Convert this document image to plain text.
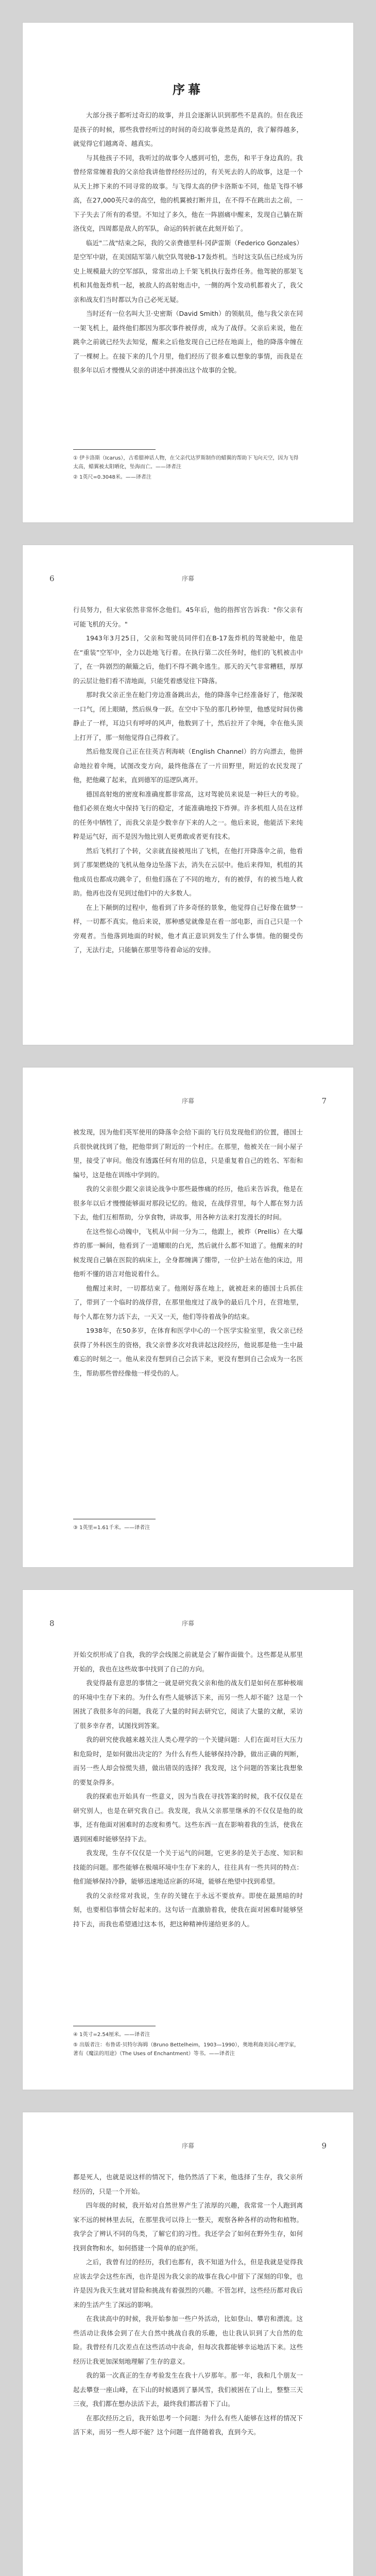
序幕

大部分孩子都听过奇幻的故事，并且会逐渐认识到那些不是真的。但在我还是孩子的时候，那些我曾经听过的时间的奇幻故事竟然是真的，我了解得越多，就觉得它们越离奇、越真实。

与其他孩子不同，我听过的故事令人感到可怕，悲伤，和平于身边真的。我曾经常常缠着我的父亲给我讲他曾经经历过的，有关死去的人的故事，这是一个从天上摔下来的不同寻常的故事。与飞得太高的伊卡洛斯①不同，他是飞得不够高，在27,000英尺②的高空，他的机翼被打断并且，在不得不在跳出去之前，一下子失去了所有的希望。不知过了多久，他在一阵剧痛中醒来，发现自己躺在斯洛伐克，四周都是敌人的军队，命运的转折就在此刻开始了。

临近"二战"结束之际，我的父亲费德里科·冈萨雷斯（Federico Gonzales）是空军中尉，在美国陆军第八航空队驾驶B-17轰炸机。当时这支队伍已经成为历史上规模最大的空军部队，常常出动上千架飞机执行轰炸任务。他驾驶的那架飞机和其他轰炸机一起，被敌人的高射炮击中，一侧的两个发动机都着火了，我父亲和战友们当时都以为自己必死无疑。

当时还有一位名叫大卫·史密斯（David Smith）的领航员，他与我父亲在同一架飞机上，最终他们都因为那次事件被俘虏，成为了战俘。父亲后来说，他在跳伞之前就已经失去知觉，醒来之后他发现自己已经在地面上，他的降落伞缠在了一棵树上。在接下来的几个月里，他们经历了很多难以想象的事情，而我是在很多年以后才慢慢从父亲的讲述中拼凑出这个故事的全貌。

① 伊卡洛斯（Icarus），古希腊神话人物，在父亲代达罗斯制作的蜡翼的帮助下飞向天空，因为飞得太高，蜡翼被太阳晒化，坠海而亡。——译者注

② 1英尺=0.3048米。——译者注

6	序幕

行员努力，但大家依然非常怀念他们。45年后，他的指挥官告诉我："你父亲有可能飞机的天分。"

1943年3月25日，父亲和驾驶员同伴们在B-17轰炸机的驾驶舱中，他是在“重装”空军中，全力以赴地飞行着。在执行第二次任务时，他们的飞机被击中了，在一阵剧烈的颠簸之后，他们不得不跳伞逃生。那天的天气非常糟糕，厚厚的云层让他们看不清地面，只能凭着感觉往下降落。

那时我父亲正坐在舱门旁边准备跳出去，他的降落伞已经准备好了，他深吸一口气，闭上眼睛，然后纵身一跃。在空中下坠的那几秒钟里，他感觉时间仿佛静止了一样，耳边只有呼呼的风声，他数到了十，然后拉开了伞绳，伞在他头顶上打开了，那一刻他觉得自己得救了。

然后他发现自己正在往英吉利海峡（English Channel）的方向漂去，他拼命地拉着伞绳，试图改变方向，最终他落在了一片田野里，附近的农民发现了他，把他藏了起来，直到德军的巡逻队离开。

德国高射炮的密度和准确度都非常高，这对驾驶员来说是一种巨大的考验。他们必须在炮火中保持飞行的稳定，才能准确地投下炸弹。许多机组人员在这样的任务中牺牲了，而我父亲是少数幸存下来的人之一。他后来说，他能活下来纯粹是运气好，而不是因为他比别人更勇敢或者更有技术。

然后飞机打了个转，父亲就直接被甩出了飞机，在他打开降落伞之前，他看到了那架燃烧的飞机从他身边坠落下去，消失在云层中。他后来得知，机组的其他成员也都成功跳伞了，但他们落在了不同的地方，有的被俘，有的被当地人救助。他再也没有见到过他们中的大多数人。

在上下颠倒的过程中，他看到了许多奇怪的景象，他觉得自己好像在做梦一样，一切都不真实。他后来说，那种感觉就像是在看一部电影，而自己只是一个旁观者。当他落到地面的时候，他才真正意识到发生了什么事情。他的腿受伤了，无法行走，只能躺在那里等待着命运的安排。

序幕	7

被发现，因为他们英军使用的降落伞会给下面的飞行员发现他们的位置，德国士兵很快就找到了他，把他带到了附近的一个村庄。在那里，他被关在一间小屋子里，接受了审问。他没有透露任何有用的信息，只是重复着自己的姓名、军衔和编号，这是他在训练中学到的。

我的父亲很少跟父亲谈论战争中那些最惨痛的经历，他后来告诉我，他是在很多年以后才慢慢能够面对那段记忆的。他说，在战俘营里，每个人都在努力活下去，他们互相帮助，分享食物，讲故事，用各种方法来打发漫长的时间。

在这些惊心动魄中，飞机从中间一分为二，他跟上，被炸（Prellis）在大爆炸的那一瞬间，他看到了一道耀眼的白光，然后就什么都不知道了。他醒来的时候发现自己躺在医院的病床上，全身都缠满了绷带，一位护士站在他的床边，用他听不懂的语言对他说着什么。

他醒过来时，一切都结束了。他刚好落在地上，就被赶来的德国士兵抓住了，带到了一个临时的战俘营，在那里他度过了战争的最后几个月，在营地里，每个人都在努力活下去，一天又一天，他们等待着战争的结束。

1938年，在50多岁，在体育和医学中心的一个医学实验室里，我父亲已经获得了外科医生的资格，我父亲曾多次对我讲起这段经历，他说那是他一生中最难忘的时刻之一。他从来没有想到自己会活下来，更没有想到自己会成为一名医生，帮助那些曾经像他一样受伤的人。

③ 1英里=1.61千米。——译者注

8	序幕

开始交织形成了自我，我的学会线图之前就是会了解作面做个。这些都是从那里开始的，我也在这些故事中找到了自己的方向。

我觉得最有意思的事情之一就是研究我父亲和他的战友们是如何在那种极端的环境中生存下来的。为什么有些人能够活下来，而另一些人却不能？这是一个困扰了我很多年的问题，我花了大量的时间去研究它，阅读了大量的文献，采访了很多幸存者，试图找到答案。

我的研究使我越来越关注人类心理学的一个关键问题：人们在面对巨大压力和危险时，是如何做出决定的？为什么有些人能够保持冷静，做出正确的判断，而另一些人却会惊慌失措，做出错误的选择？我发现，这个问题的答案比我想象的要复杂得多。

我的探索也开始具有一些意义，因为当我在寻找答案的时候，我不仅仅是在研究别人，也是在研究我自己。我发现，我从父亲那里继承的不仅仅是他的故事，还有他面对困难时的态度和勇气。这些东西一直在影响着我的生活，使我在遇到困难时能够坚持下去。

我发现，生存不仅仅是一个关于运气的问题，它更多的是关于态度、知识和技能的问题。那些能够在极端环境中生存下来的人，往往具有一些共同的特点：他们能够保持冷静，能够迅速地适应新的环境，能够在绝望中找到希望。

我的父亲经常对我说，生存的关键在于永远不要放弃。即使在最黑暗的时刻，也要相信事情会好起来的。这句话一直激励着我，使我在面对困难时能够坚持下去，而我也希望通过这本书，把这种精神传递给更多的人。

④ 1英寸=2.54厘米。——译者注

⑤ 出版者注：布鲁诺·贝特尔海姆（Bruno Bettelheim，1903—1990），奥地利裔美国心理学家，著有《魔法的用途》（The Uses of Enchantment）等书。——译者注

序幕	9

都是死人，也就是说这样的情况下，他仍然活了下来，他选择了生存，我父亲所经历的，只是一个开始。

四年级的时候，我开始对自然世界产生了浓厚的兴趣，我常常一个人跑到离家不远的树林里去玩，在那里我可以待上一整天，观察各种各样的动物和植物。我学会了辨认不同的鸟类，了解它们的习性。我还学会了如何在野外生存，如何找到食物和水，如何搭建一个简单的庇护所。

之后，我曾有过的经历，我们也都有，我不知道为什么，但是我就是觉得我应该去学会这些东西，也许是因为我父亲的故事在我心中留下了深刻的印象，也许是因为我天生就对冒险和挑战有着强烈的兴趣。不管怎样，这些经历都对我后来的生活产生了深远的影响。

在我读高中的时候，我开始参加一些户外活动，比如登山、攀岩和漂流。这些活动让我体会到了在大自然中挑战自我的乐趣，也让我认识到了大自然的危险。我曾经有几次差点在这些活动中丧命，但每次我都能够幸运地活下来。这些经历让我更加深刻地理解了生存的意义。

我的第一次真正的生存考验发生在我十八岁那年。那一年，我和几个朋友一起去攀登一座山峰，在下山的时候遇到了暴风雪，我们被困在了山上，整整三天三夜，我们都在想办法活下去，最终我们都活着下了山。

在那次经历之后，我开始思考一个问题：为什么有些人能够在这样的情况下活下来，而另一些人却不能？这个问题一直伴随着我，直到今天。
